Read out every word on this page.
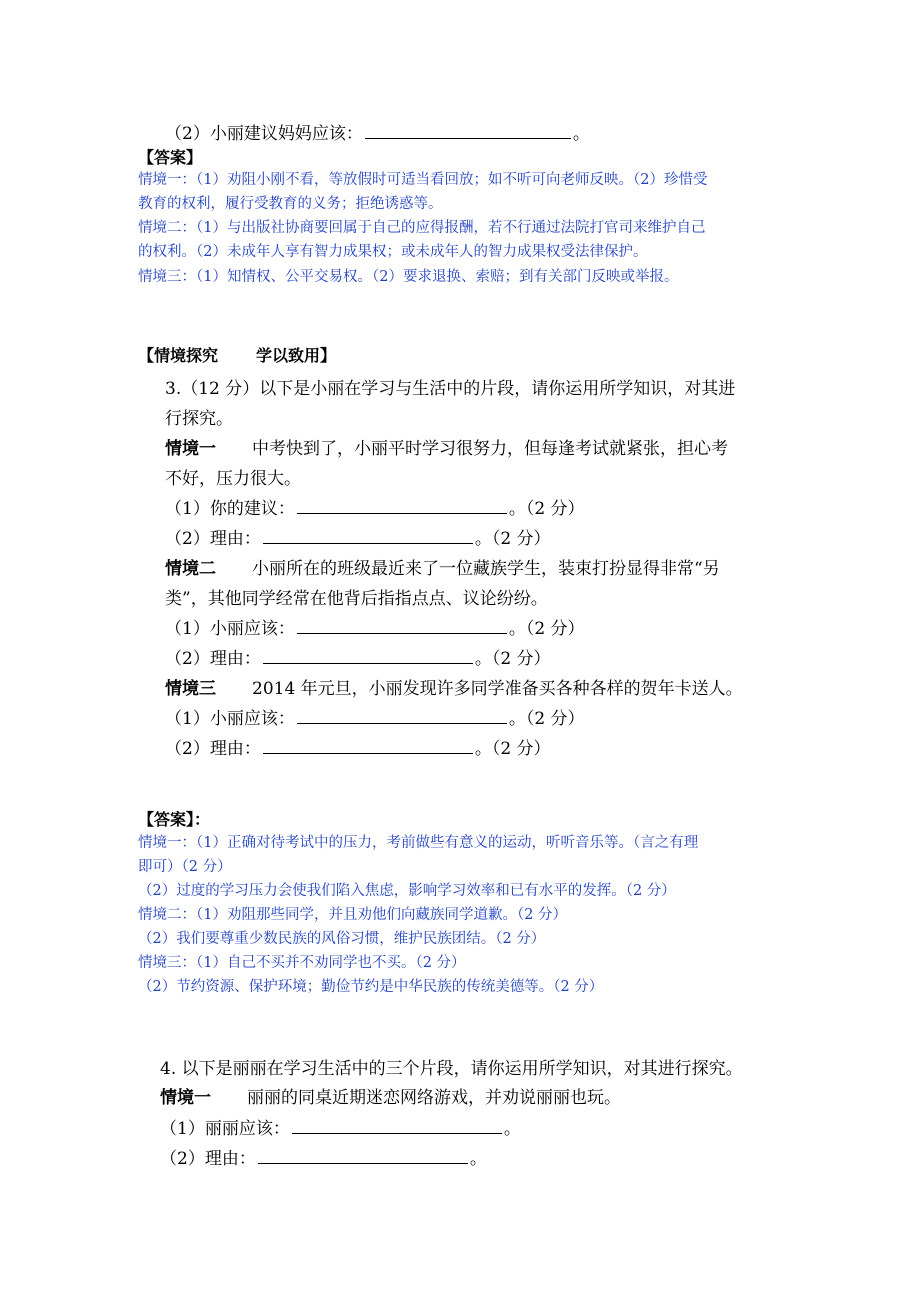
（2）小丽建议妈妈应该：	。
【答案】
情境一：（1）劝阻小刚不看，等放假时可适当看回放；如不听可向老师反映。（2）珍惜受
教育的权利，履行受教育的义务；拒绝诱惑等。
情境二：（1）与出版社协商要回属于自己的应得报酬，若不行通过法院打官司来维护自己
的权利。（2）未成年人享有智力成果权；或未成年人的智力成果权受法律保护。
情境三：（1）知情权、公平交易权。（2）要求退换、索赔；到有关部门反映或举报。
【情境探究 学以致用】
3.（12 分）以下是小丽在学习与生活中的片段，请你运用所学知识，对其进
行探究。
情境一 中考快到了，小丽平时学习很努力，但每逢考试就紧张，担心考
不好，压力很大。
（1）你的建议：	。（2 分）
（2）理由：	。（2 分）
情境二 小丽所在的班级最近来了一位藏族学生，装束打扮显得非常“另
类”，其他同学经常在他背后指指点点、议论纷纷。
（1）小丽应该：	。（2 分）
（2）理由：	。（2 分）
情境三 2014 年元旦，小丽发现许多同学准备买各种各样的贺年卡送人。
（1）小丽应该：	。（2 分）
（2）理由：	。（2 分）
【答案】：
情境一：（1）正确对待考试中的压力，考前做些有意义的运动，听听音乐等。（言之有理
即可）（2 分）
（2）过度的学习压力会使我们陷入焦虑，影响学习效率和已有水平的发挥。（2 分）
情境二：（1）劝阻那些同学，并且劝他们向藏族同学道歉。（2 分）
（2）我们要尊重少数民族的风俗习惯，维护民族团结。（2 分）
情境三：（1）自己不买并不劝同学也不买。（2 分）
（2）节约资源、保护环境；勤俭节约是中华民族的传统美德等。（2 分）
4. 以下是丽丽在学习生活中的三个片段，请你运用所学知识，对其进行探究。
情境一 丽丽的同桌近期迷恋网络游戏，并劝说丽丽也玩。
（1）丽丽应该：	。
（2）理由：	。
